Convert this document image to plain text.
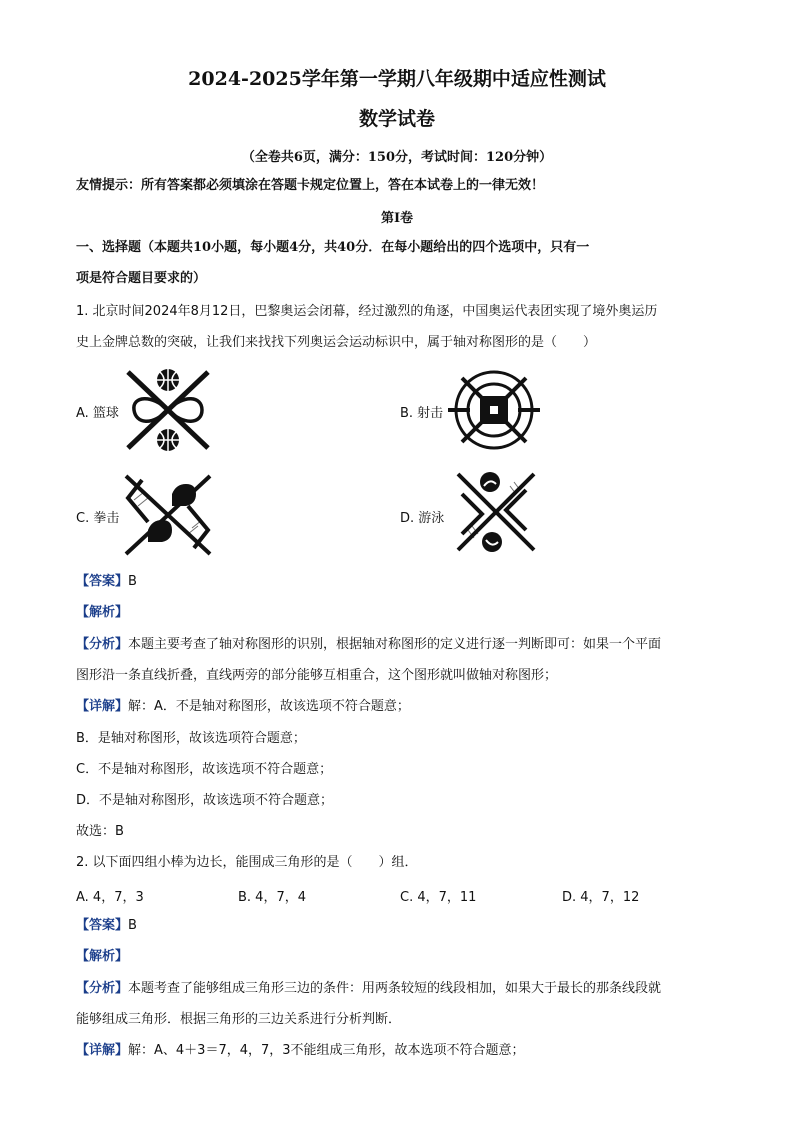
2024-2025学年第一学期八年级期中适应性测试
数学试卷
（全卷共6页，满分：150分，考试时间：120分钟）
友情提示：所有答案都必须填涂在答题卡规定位置上，答在本试卷上的一律无效！
第Ⅰ卷
一、选择题（本题共10小题，每小题4分，共40分．在每小题给出的四个选项中，只有一
项是符合题目要求的）
1. 北京时间2024年8月12日，巴黎奥运会闭幕，经过激烈的角逐，中国奥运代表团实现了境外奥运历
史上金牌总数的突破，让我们来找找下列奥运会运动标识中，属于轴对称图形的是（　　）
A. 篮球	B. 射击
C. 拳击	D. 游泳
【答案】B
【解析】
【分析】本题主要考查了轴对称图形的识别，根据轴对称图形的定义进行逐一判断即可：如果一个平面
图形沿一条直线折叠，直线两旁的部分能够互相重合，这个图形就叫做轴对称图形；
【详解】解：A．不是轴对称图形，故该选项不符合题意；
B．是轴对称图形，故该选项符合题意；
C．不是轴对称图形，故该选项不符合题意；
D．不是轴对称图形，故该选项不符合题意；
故选：B
2. 以下面四组小棒为边长，能围成三角形的是（　　）组．
A. 4，7，3	B. 4，7，4	C. 4，7，11	D. 4，7，12
【答案】B
【解析】
【分析】本题考查了能够组成三角形三边的条件：用两条较短的线段相加，如果大于最长的那条线段就
能够组成三角形．根据三角形的三边关系进行分析判断．
【详解】解：A、4＋3＝7，4，7，3不能组成三角形，故本选项不符合题意；
